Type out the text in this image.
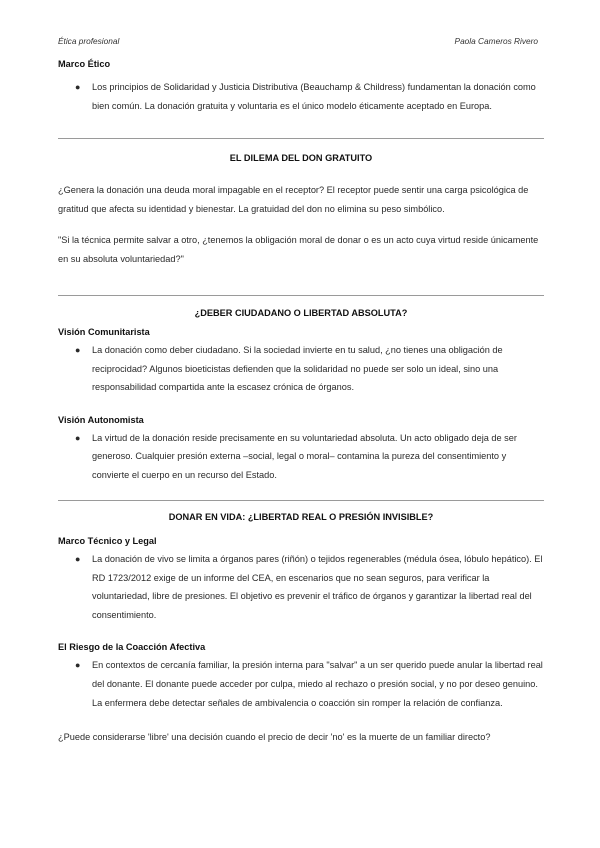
Ética profesional	Paola Cameros Rivero
Marco Ético
● Los principios de Solidaridad y Justicia Distributiva (Beauchamp & Childress) fundamentan la donación como bien común. La donación gratuita y voluntaria es el único modelo éticamente aceptado en Europa.
EL DILEMA DEL DON GRATUITO
¿Genera la donación una deuda moral impagable en el receptor? El receptor puede sentir una carga psicológica de gratitud que afecta su identidad y bienestar. La gratuidad del don no elimina su peso simbólico.
"Si la técnica permite salvar a otro, ¿tenemos la obligación moral de donar o es un acto cuya virtud reside únicamente en su absoluta voluntariedad?"
¿DEBER CIUDADANO O LIBERTAD ABSOLUTA?
Visión Comunitarista
● La donación como deber ciudadano. Si la sociedad invierte en tu salud, ¿no tienes una obligación de reciprocidad? Algunos bioeticistas defienden que la solidaridad no puede ser solo un ideal, sino una responsabilidad compartida ante la escasez crónica de órganos.
Visión Autonomista
● La virtud de la donación reside precisamente en su voluntariedad absoluta. Un acto obligado deja de ser generoso. Cualquier presión externa –social, legal o moral– contamina la pureza del consentimiento y convierte el cuerpo en un recurso del Estado.
DONAR EN VIDA: ¿LIBERTAD REAL O PRESIÓN INVISIBLE?
Marco Técnico y Legal
● La donación de vivo se limita a órganos pares (riñón) o tejidos regenerables (médula ósea, lóbulo hepático). El RD 1723/2012 exige de un informe del CEA, en escenarios que no sean seguros, para verificar la voluntariedad, libre de presiones. El objetivo es prevenir el tráfico de órganos y garantizar la libertad real del consentimiento.
El Riesgo de la Coacción Afectiva
● En contextos de cercanía familiar, la presión interna para "salvar" a un ser querido puede anular la libertad real del donante. El donante puede acceder por culpa, miedo al rechazo o presión social, y no por deseo genuino. La enfermera debe detectar señales de ambivalencia o coacción sin romper la relación de confianza.
¿Puede considerarse 'libre' una decisión cuando el precio de decir 'no' es la muerte de un familiar directo?
